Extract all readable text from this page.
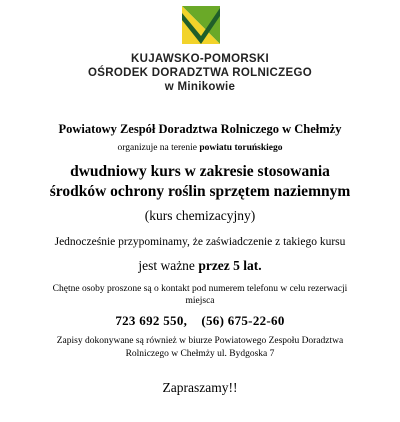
KUJAWSKO-POMORSKI
OŚRODEK DORADZTWA ROLNICZEGO
w Minikowie
Powiatowy Zespół Doradztwa Rolniczego w Chełmży
organizuje na terenie powiatu toruńskiego
dwudniowy kurs w zakresie stosowania
środków ochrony roślin sprzętem naziemnym
(kurs chemizacyjny)
Jednocześnie przypominamy, że zaświadczenie z takiego kursu
jest ważne przez 5 lat.
Chętne osoby proszone są o kontakt pod numerem telefonu w celu rezerwacji
miejsca
723 692 550,    (56) 675-22-60
Zapisy dokonywane są również w biurze Powiatowego Zespołu Doradztwa
Rolniczego w Chełmży ul. Bydgoska 7
Zapraszamy!!
